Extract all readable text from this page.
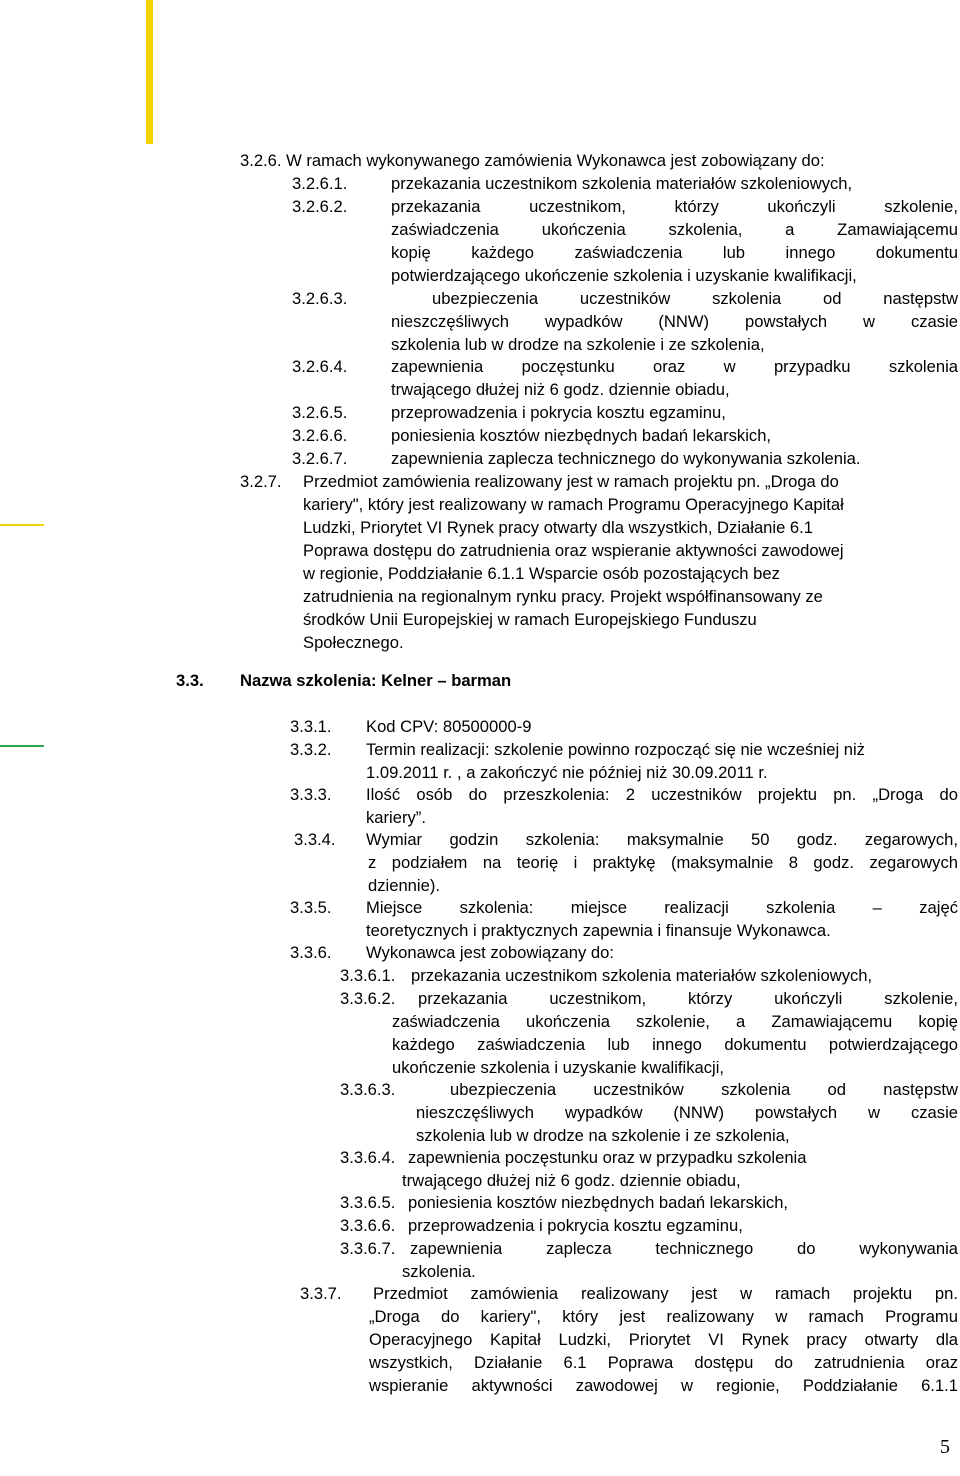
3.2.6. W ramach wykonywanego zamówienia Wykonawca jest zobowiązany do:
3.2.6.1.	przekazania uczestnikom szkolenia materiałów szkoleniowych,
3.2.6.2.	przekazania uczestnikom, którzy ukończyli szkolenie,
zaświadczenia ukończenia szkolenia, a Zamawiającemu
kopię każdego zaświadczenia lub innego dokumentu
potwierdzającego ukończenie szkolenia i uzyskanie kwalifikacji,
3.2.6.3.	ubezpieczenia uczestników szkolenia od następstw
nieszczęśliwych wypadków (NNW) powstałych w czasie
szkolenia lub w drodze na szkolenie i ze szkolenia,
3.2.6.4.	zapewnienia poczęstunku oraz w przypadku szkolenia
trwającego dłużej niż 6 godz. dziennie obiadu,
3.2.6.5.	przeprowadzenia i pokrycia kosztu egzaminu,
3.2.6.6.	poniesienia kosztów niezbędnych badań lekarskich,
3.2.6.7.	zapewnienia zaplecza technicznego do wykonywania szkolenia.
3.2.7. Przedmiot zamówienia realizowany jest w ramach projektu pn. „Droga do
kariery", który jest realizowany w ramach Programu Operacyjnego Kapitał
Ludzki, Priorytet VI Rynek pracy otwarty dla wszystkich, Działanie 6.1
Poprawa dostępu do zatrudnienia oraz wspieranie aktywności zawodowej
w regionie, Poddziałanie 6.1.1 Wsparcie osób pozostających bez
zatrudnienia na regionalnym rynku pracy. Projekt współfinansowany ze
środków Unii Europejskiej w ramach Europejskiego Funduszu
Społecznego.
3.3. Nazwa szkolenia: Kelner – barman
3.3.1. Kod CPV: 80500000-9
3.3.2. Termin realizacji: szkolenie powinno rozpocząć się nie wcześniej niż
1.09.2011 r. , a zakończyć nie później niż 30.09.2011 r.
3.3.3. Ilość osób do przeszkolenia: 2 uczestników projektu pn. „Droga do
kariery”.
3.3.4. Wymiar godzin szkolenia: maksymalnie 50 godz. zegarowych,
z podziałem na teorię i praktykę (maksymalnie 8 godz. zegarowych
dziennie).
3.3.5. Miejsce szkolenia: miejsce realizacji szkolenia – zajęć
teoretycznych i praktycznych zapewnia i finansuje Wykonawca.
3.3.6. Wykonawca jest zobowiązany do:
3.3.6.1. przekazania uczestnikom szkolenia materiałów szkoleniowych,
3.3.6.2. przekazania uczestnikom, którzy ukończyli szkolenie,
zaświadczenia ukończenia szkolenie, a Zamawiającemu kopię
każdego zaświadczenia lub innego dokumentu potwierdzającego
ukończenie szkolenia i uzyskanie kwalifikacji,
3.3.6.3.	ubezpieczenia uczestników szkolenia od następstw
nieszczęśliwych wypadków (NNW) powstałych w czasie
szkolenia lub w drodze na szkolenie i ze szkolenia,
3.3.6.4. zapewnienia poczęstunku oraz w przypadku szkolenia
trwającego dłużej niż 6 godz. dziennie obiadu,
3.3.6.5. poniesienia kosztów niezbędnych badań lekarskich,
3.3.6.6. przeprowadzenia i pokrycia kosztu egzaminu,
3.3.6.7. zapewnienia zaplecza technicznego do wykonywania
szkolenia.
3.3.7. Przedmiot zamówienia realizowany jest w ramach projektu pn.
„Droga do kariery", który jest realizowany w ramach Programu
Operacyjnego Kapitał Ludzki, Priorytet VI Rynek pracy otwarty dla
wszystkich, Działanie 6.1 Poprawa dostępu do zatrudnienia oraz
wspieranie aktywności zawodowej w regionie, Poddziałanie 6.1.1
5
